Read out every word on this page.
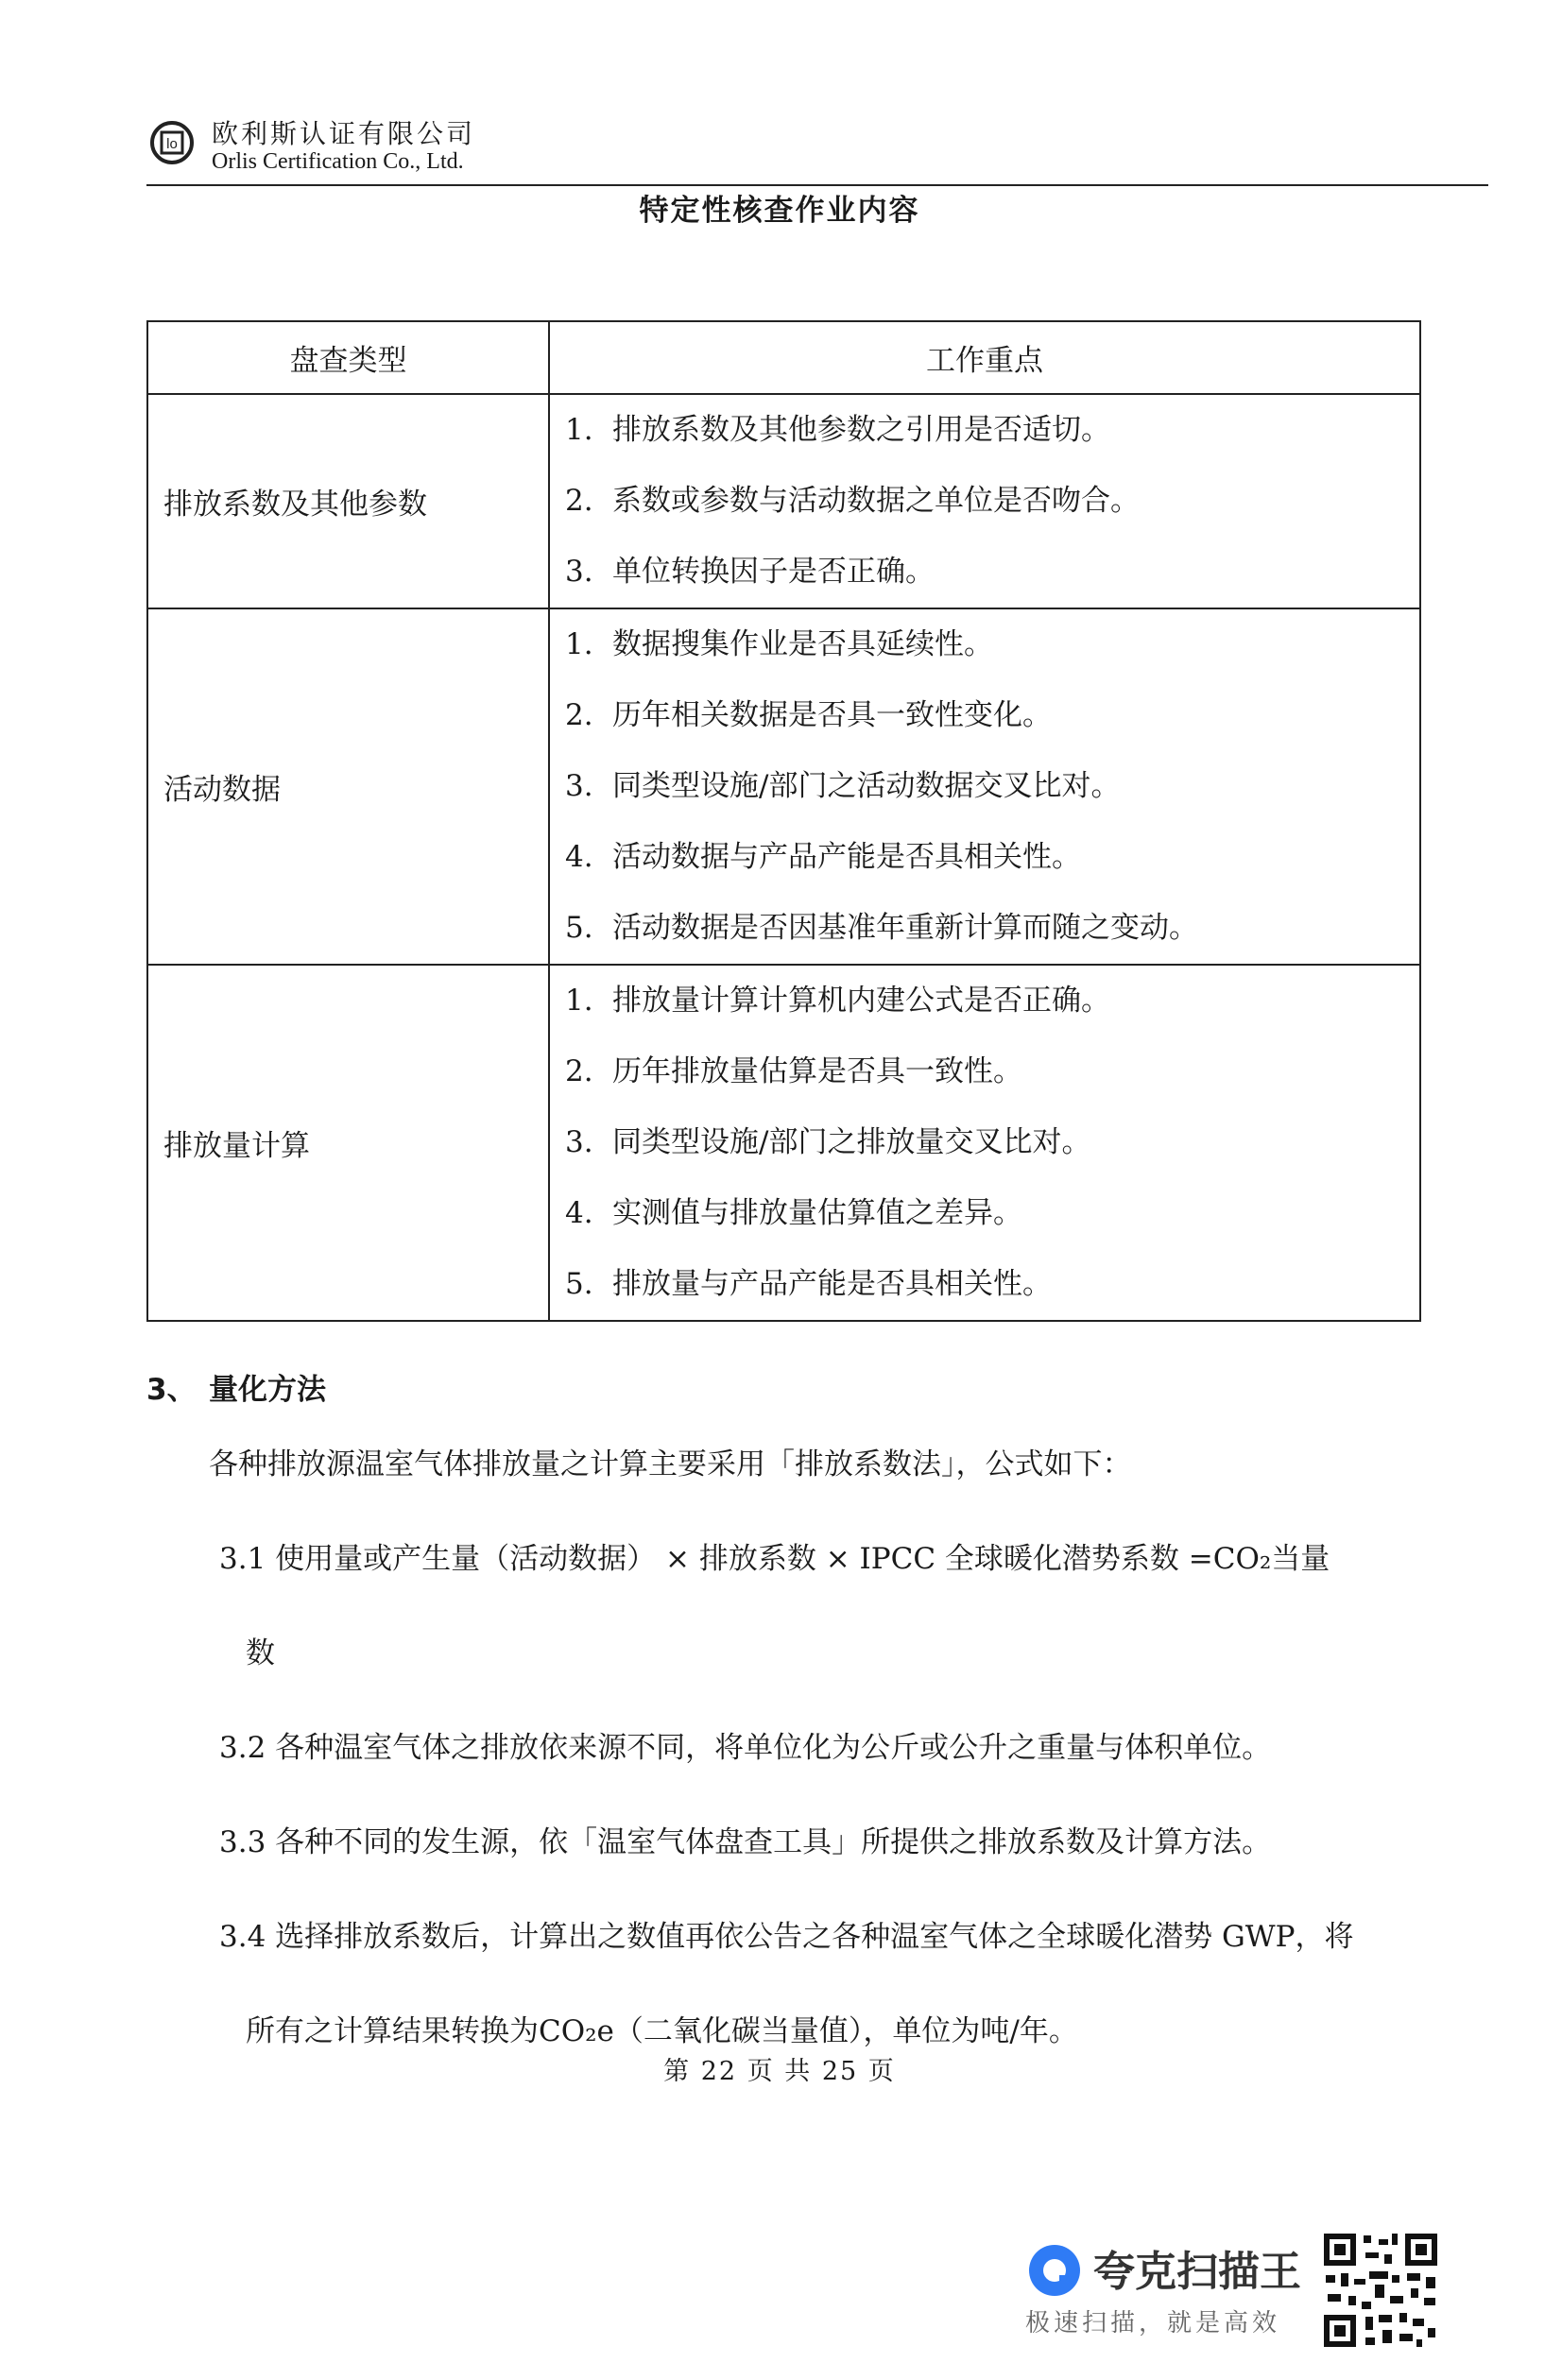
lo 欧利斯认证有限公司
Orlis Certification Co., Ltd.
特定性核查作业内容
盘查类型	工作重点
排放系数及其他参数	1. 排放系数及其他参数之引用是否适切。
2. 系数或参数与活动数据之单位是否吻合。
3. 单位转换因子是否正确。

活动数据	1. 数据搜集作业是否具延续性。
2. 历年相关数据是否具一致性变化。
3. 同类型设施/部门之活动数据交叉比对。
4. 活动数据与产品产能是否具相关性。
5. 活动数据是否因基准年重新计算而随之变动。

排放量计算	1. 排放量计算计算机内建公式是否正确。
2. 历年排放量估算是否具一致性。
3. 同类型设施/部门之排放量交叉比对。
4. 实测值与排放量估算值之差异。
5. 排放量与产品产能是否具相关性。
3、 量化方法
各种排放源温室气体排放量之计算主要采用「排放系数法」，公式如下：
3.1 使用量或产生量（活动数据） × 排放系数 × IPCC 全球暖化潜势系数 =CO₂当量
数
3.2 各种温室气体之排放依来源不同，将单位化为公斤或公升之重量与体积单位。
3.3 各种不同的发生源，依「温室气体盘查工具」所提供之排放系数及计算方法。
3.4 选择排放系数后，计算出之数值再依公告之各种温室气体之全球暖化潜势 GWP，将
所有之计算结果转换为CO₂e（二氧化碳当量值），单位为吨/年。
第 22 页 共 25 页
夸克扫描王
极速扫描，就是高效
